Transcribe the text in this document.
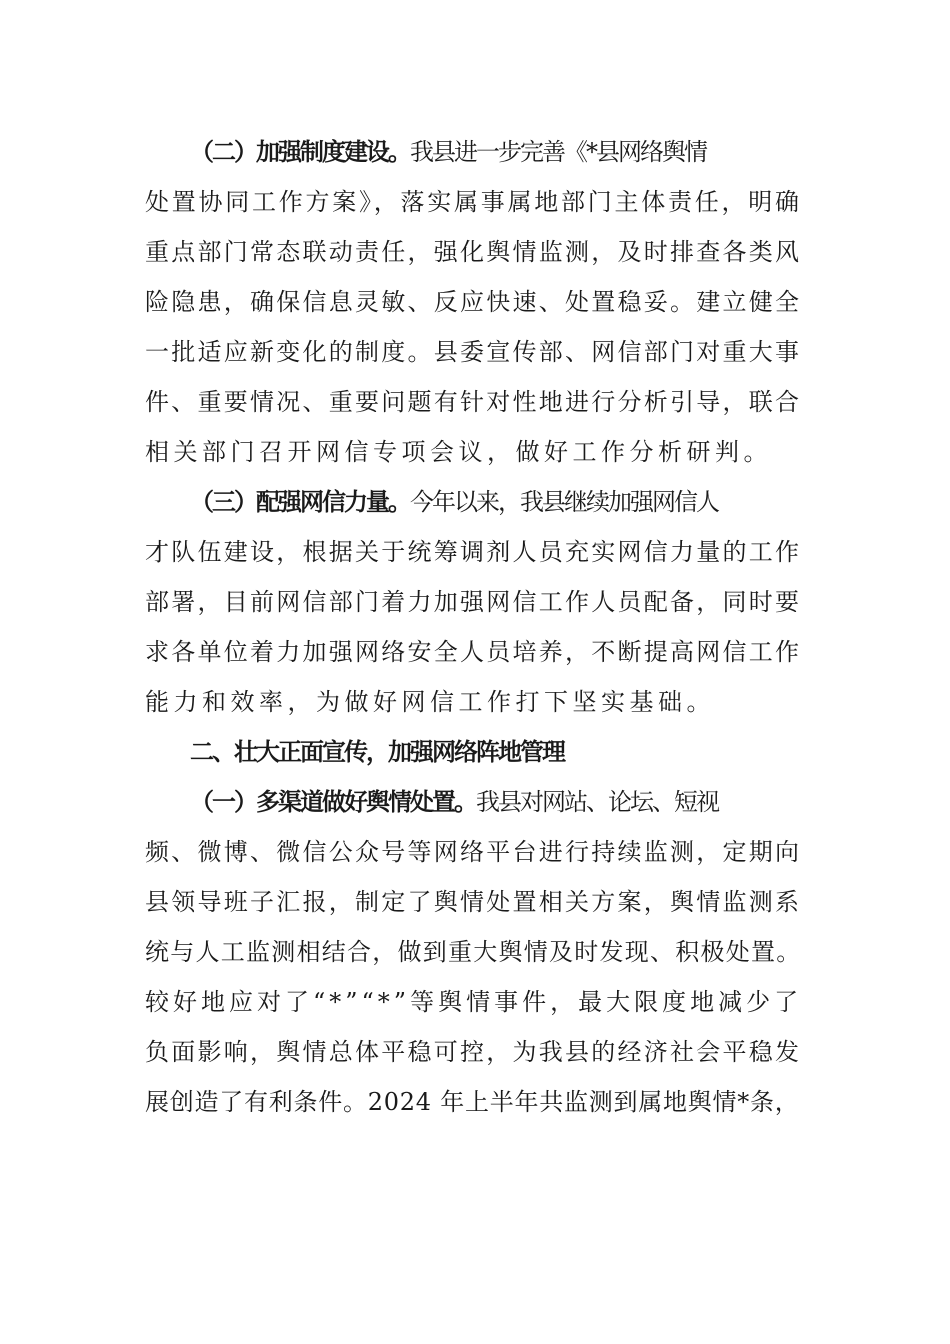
（二）加强制度建设。我县进一步完善《*县网络舆情
处置协同工作方案》，落实属事属地部门主体责任，明确
重点部门常态联动责任，强化舆情监测，及时排查各类风
险隐患，确保信息灵敏、反应快速、处置稳妥。建立健全
一批适应新变化的制度。县委宣传部、网信部门对重大事
件、重要情况、重要问题有针对性地进行分析引导，联合
相关部门召开网信专项会议，做好工作分析研判。
（三）配强网信力量。今年以来，我县继续加强网信人
才队伍建设，根据关于统筹调剂人员充实网信力量的工作
部署，目前网信部门着力加强网信工作人员配备，同时要
求各单位着力加强网络安全人员培养，不断提高网信工作
能力和效率，为做好网信工作打下坚实基础。
二、壮大正面宣传，加强网络阵地管理
（一）多渠道做好舆情处置。我县对网站、论坛、短视
频、微博、微信公众号等网络平台进行持续监测，定期向
县领导班子汇报，制定了舆情处置相关方案，舆情监测系
统与人工监测相结合，做到重大舆情及时发现、积极处置。
较好地应对了“*”“*”等舆情事件，最大限度地减少了
负面影响，舆情总体平稳可控，为我县的经济社会平稳发
展创造了有利条件。2024 年上半年共监测到属地舆情*条，
